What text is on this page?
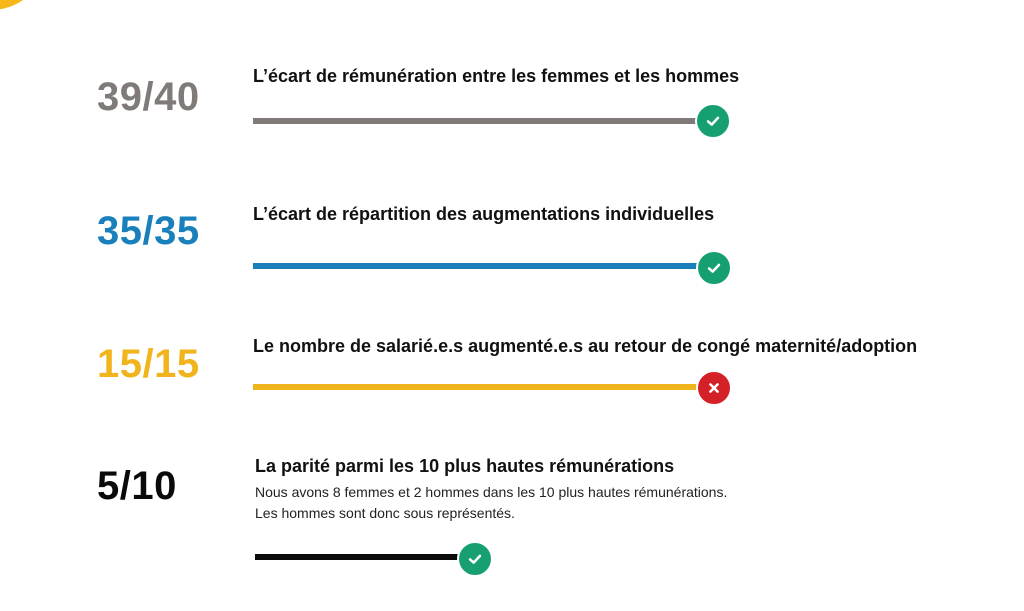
39/40	L’écart de rémunération entre les femmes et les hommes
35/35	L’écart de répartition des augmentations individuelles
15/15	Le nombre de salarié.e.s augmenté.e.s au retour de congé maternité/adoption
5/10	La parité parmi les 10 plus hautes rémunérations
Nous avons 8 femmes et 2 hommes dans les 10 plus hautes rémunérations.
Les hommes sont donc sous représentés.
